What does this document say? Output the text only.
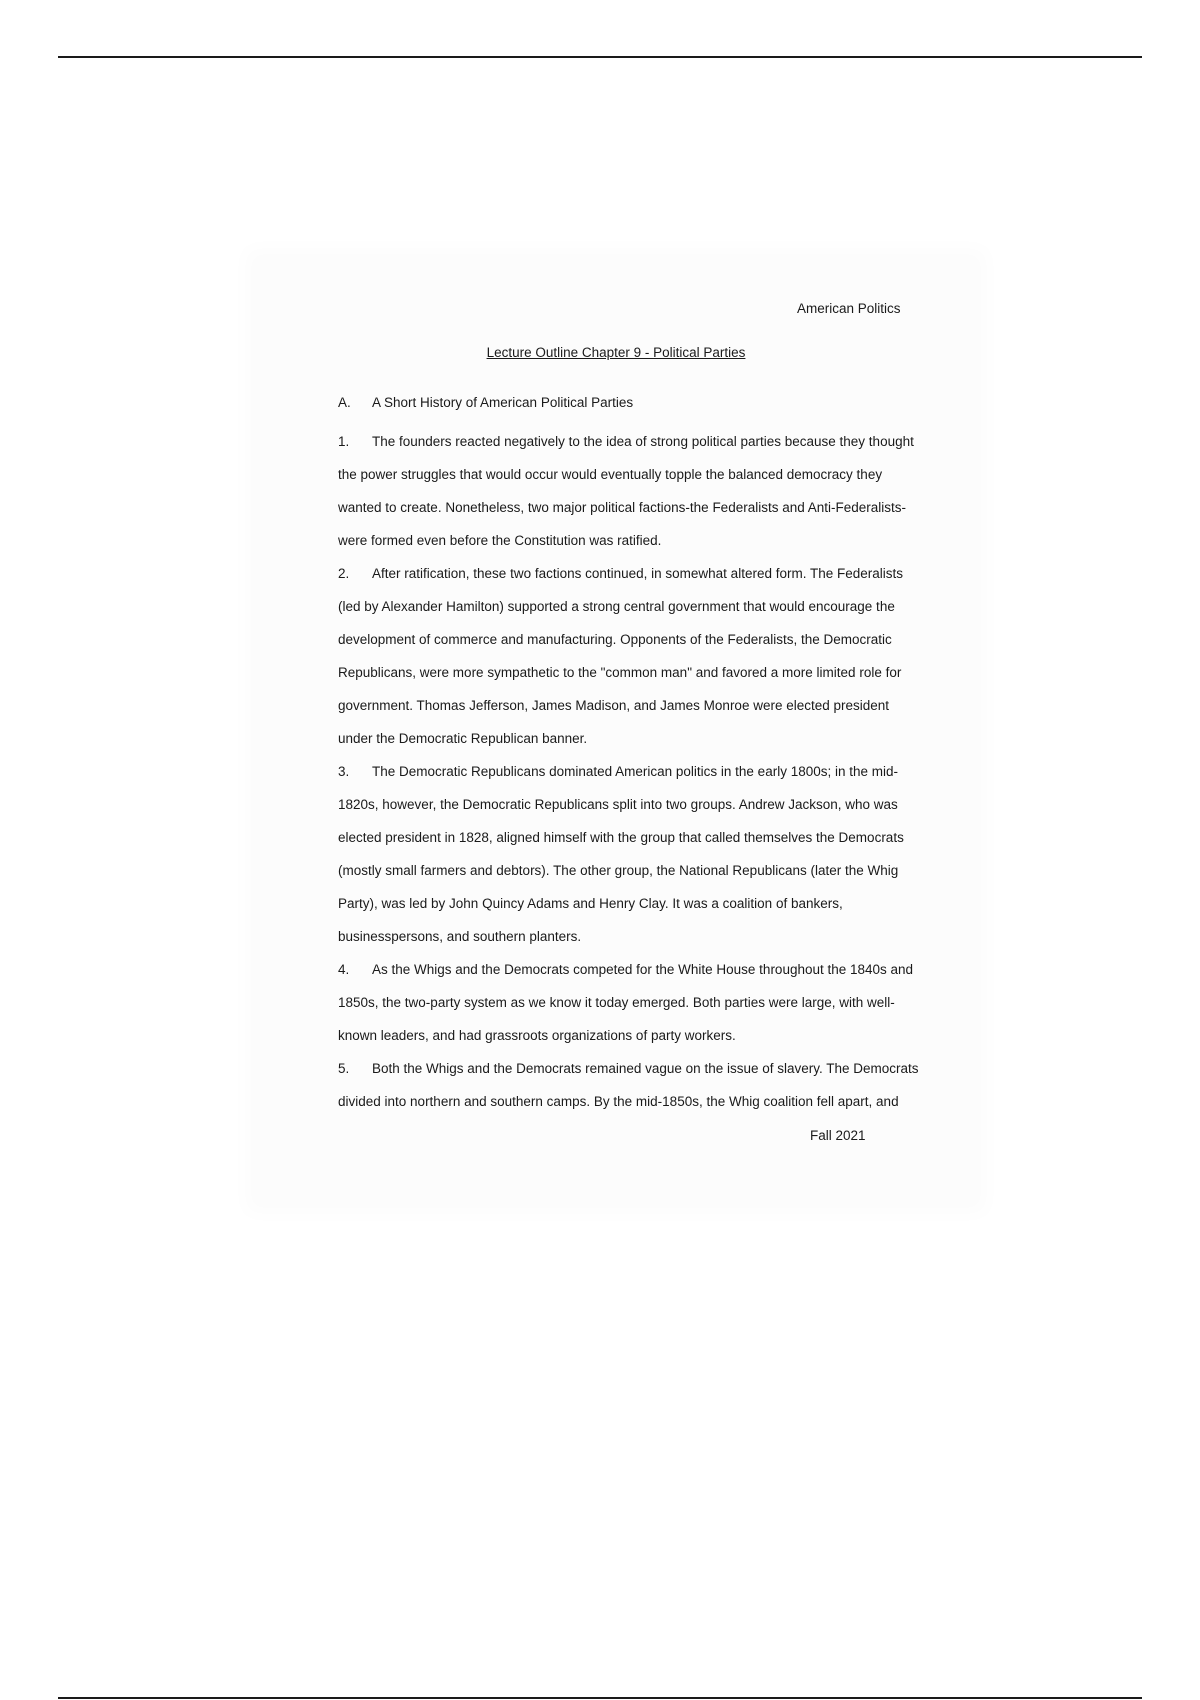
American Politics
Lecture Outline Chapter 9 - Political Parties
A. A Short History of American Political Parties
1. The founders reacted negatively to the idea of strong political parties because they thought
the power struggles that would occur would eventually topple the balanced democracy they
wanted to create. Nonetheless, two major political factions-the Federalists and Anti-Federalists-
were formed even before the Constitution was ratified.
2. After ratification, these two factions continued, in somewhat altered form. The Federalists
(led by Alexander Hamilton) supported a strong central government that would encourage the
development of commerce and manufacturing. Opponents of the Federalists, the Democratic
Republicans, were more sympathetic to the "common man" and favored a more limited role for
government. Thomas Jefferson, James Madison, and James Monroe were elected president
under the Democratic Republican banner.
3. The Democratic Republicans dominated American politics in the early 1800s; in the mid-
1820s, however, the Democratic Republicans split into two groups. Andrew Jackson, who was
elected president in 1828, aligned himself with the group that called themselves the Democrats
(mostly small farmers and debtors). The other group, the National Republicans (later the Whig
Party), was led by John Quincy Adams and Henry Clay. It was a coalition of bankers,
businesspersons, and southern planters.
4. As the Whigs and the Democrats competed for the White House throughout the 1840s and
1850s, the two-party system as we know it today emerged. Both parties were large, with well-
known leaders, and had grassroots organizations of party workers.
5. Both the Whigs and the Democrats remained vague on the issue of slavery. The Democrats
divided into northern and southern camps. By the mid-1850s, the Whig coalition fell apart, and
Fall 2021
